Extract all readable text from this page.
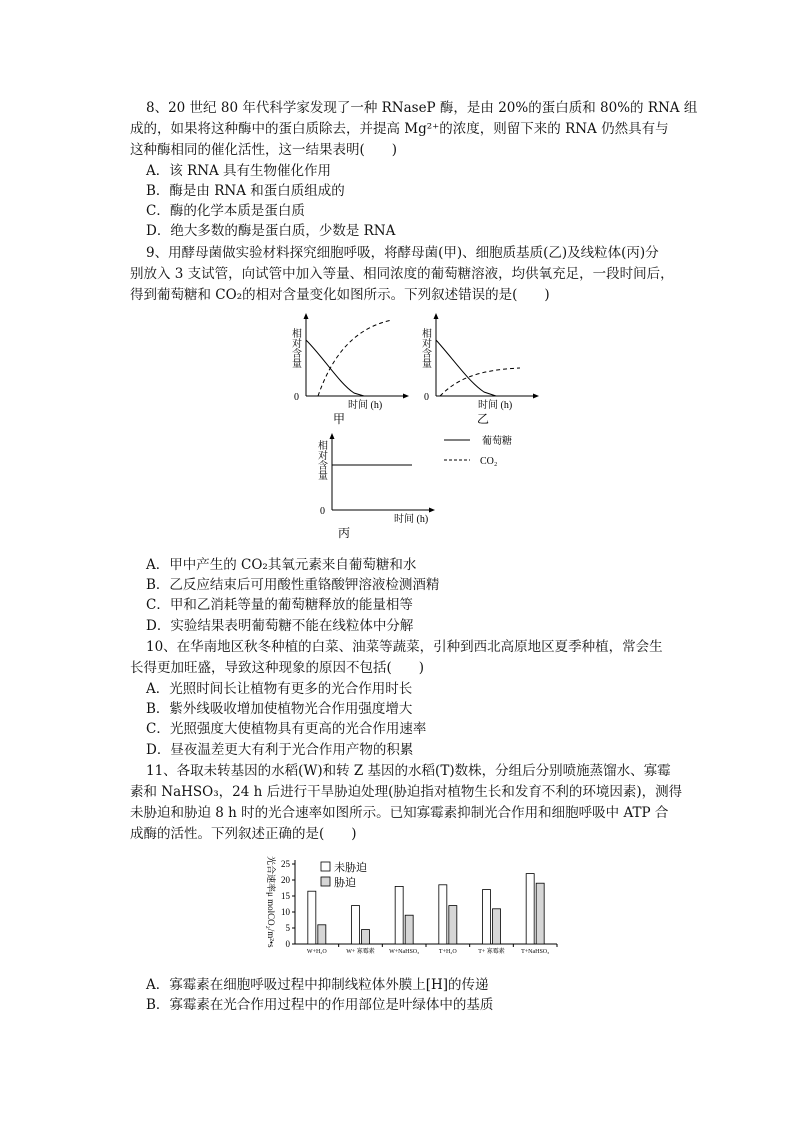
8、20 世纪 80 年代科学家发现了一种 RNaseP 酶，是由 20%的蛋白质和 80%的 RNA 组
成的，如果将这种酶中的蛋白质除去，并提高 Mg²⁺的浓度，则留下来的 RNA 仍然具有与
这种酶相同的催化活性，这一结果表明(　　)
A．该 RNA 具有生物催化作用
B．酶是由 RNA 和蛋白质组成的
C．酶的化学本质是蛋白质
D．绝大多数的酶是蛋白质，少数是 RNA
9、用酵母菌做实验材料探究细胞呼吸，将酵母菌(甲)、细胞质基质(乙)及线粒体(丙)分
别放入 3 支试管，向试管中加入等量、相同浓度的葡萄糖溶液，均供氧充足，一段时间后，
得到葡萄糖和 CO₂的相对含量变化如图所示。下列叙述错误的是(　　)
相对含量
0
时间 (h)
甲
相对含量
0
时间 (h)
乙
相对含量
0
时间 (h)
丙
葡萄糖
CO₂
A．甲中产生的 CO₂其氧元素来自葡萄糖和水
B．乙反应结束后可用酸性重铬酸钾溶液检测酒精
C．甲和乙消耗等量的葡萄糖释放的能量相等
D．实验结果表明葡萄糖不能在线粒体中分解
10、在华南地区秋冬种植的白菜、油菜等蔬菜，引种到西北高原地区夏季种植，常会生
长得更加旺盛，导致这种现象的原因不包括(　　)
A．光照时间长让植物有更多的光合作用时长
B．紫外线吸收增加使植物光合作用强度增大
C．光照强度大使植物具有更高的光合作用速率
D．昼夜温差更大有利于光合作用产物的积累
11、各取未转基因的水稻(W)和转 Z 基因的水稻(T)数株，分组后分别喷施蒸馏水、寡霉
素和 NaHSO₃，24 h 后进行干旱胁迫处理(胁迫指对植物生长和发育不利的环境因素)，测得
未胁迫和胁迫 8 h 时的光合速率如图所示。已知寡霉素抑制光合作用和细胞呼吸中 ATP 合
成酶的活性。下列叙述正确的是(　　)
光合速率μ molCO₂/m²•s 0
5
10
15
20
25
W+H₂O	W+ 寡霉素 W+NaHSO₃	T+H₂O	T+ 寡霉素	T+NaHSO₃
未胁迫
胁迫
A．寡霉素在细胞呼吸过程中抑制线粒体外膜上[H]的传递
B．寡霉素在光合作用过程中的作用部位是叶绿体中的基质
